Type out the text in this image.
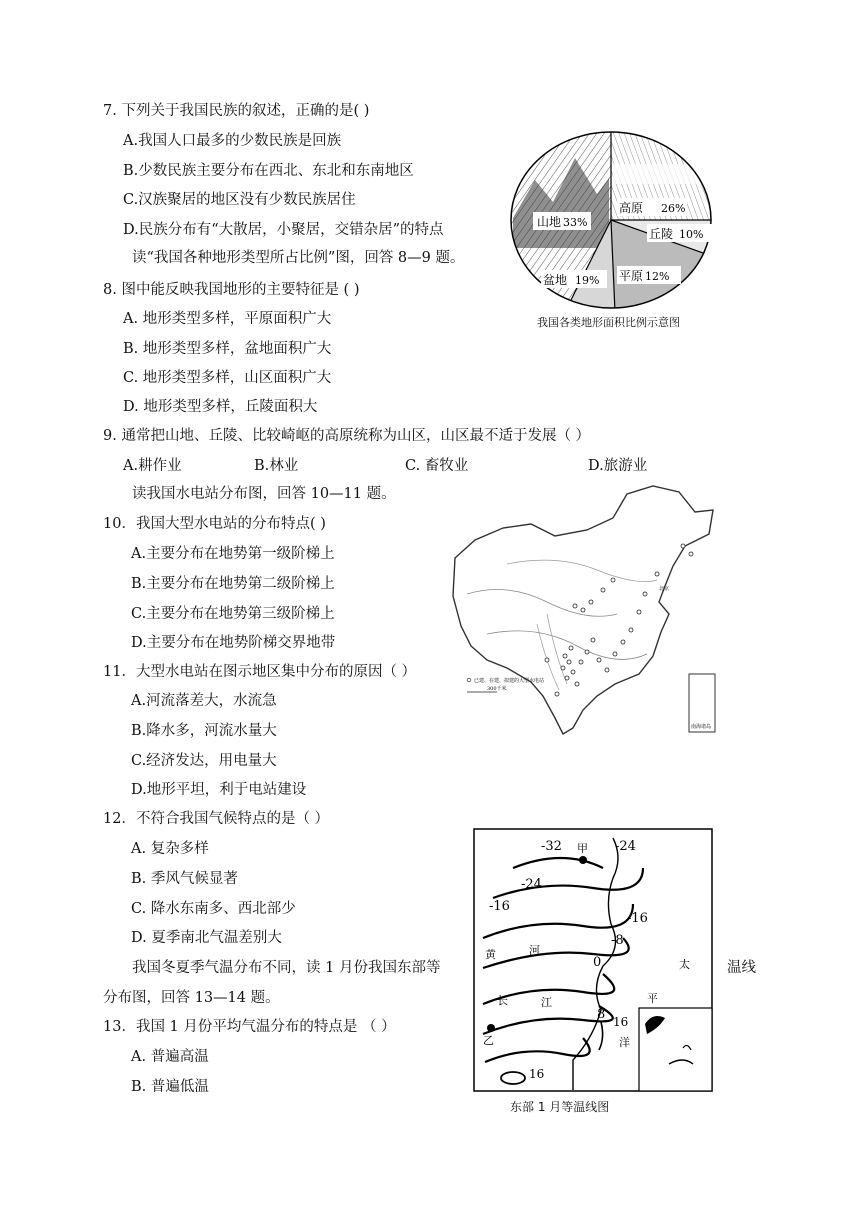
7. 下列关于我国民族的叙述，正确的是( )
A.我国人口最多的少数民族是回族
B.少数民族主要分布在西北、东北和东南地区
C.汉族聚居的地区没有少数民族居住
D.民族分布有“大散居，小聚居，交错杂居”的特点
读“我国各种地形类型所占比例”图，回答 8—9 题。
8. 图中能反映我国地形的主要特征是 ( )
A. 地形类型多样，平原面积广大
B. 地形类型多样，盆地面积广大
C. 地形类型多样，山区面积广大
D. 地形类型多样，丘陵面积大
9. 通常把山地、丘陵、比较崎岖的高原统称为山区，山区最不适于发展（ ）
A.耕作业	B.林业	C. 畜牧业	D.旅游业
读我国水电站分布图，回答 10—11 题。
10．我国大型水电站的分布特点( )
A.主要分布在地势第一级阶梯上
B.主要分布在地势第二级阶梯上
C.主要分布在地势第三级阶梯上
D.主要分布在地势阶梯交界地带
11．大型水电站在图示地区集中分布的原因（ ）
A.河流落差大，水流急
B.降水多，河流水量大
C.经济发达，用电量大
D.地形平坦，利于电站建设
12．不符合我国气候特点的是（ ）
A. 复杂多样
B. 季风气候显著
C. 降水东南多、西北部少
D. 夏季南北气温差别大
我国冬夏季气温分布不同，读 1 月份我国东部等	温线
分布图，回答 13—14 题。
13．我国 1 月份平均气温分布的特点是 （ ）
A. 普遍高温
B. 普遍低温
山地 33%
高原 26%
丘陵 10%
盆地 19% 平原 12%
我国各类地形面积比例示意图
南海诸岛
已建、在建、拟建的大型水电站
300千米
北京
-32	-24
-24
-16
-16
-8
0
8 16
16
甲
乙
黄	河
长	江
太
平
洋
东部 1 月等温线图
